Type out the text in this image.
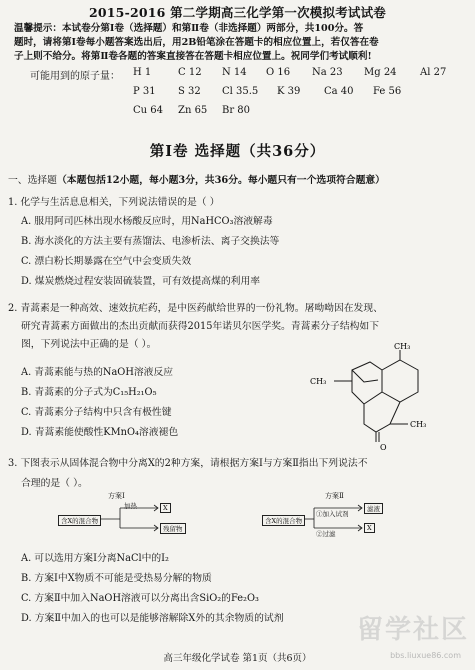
2015-2016 第二学期高三化学第一次模拟考试试卷
温馨提示：本试卷分第Ⅰ卷（选择题）和第Ⅱ卷（非选择题）两部分，共100分。答
题时，请将第Ⅰ卷每小题答案选出后，用2B铅笔涂在答题卡的相应位置上，若仅答在卷
子上则不给分。将第Ⅱ卷各题的答案直接答在答题卡相应位置上。祝同学们考试顺利!
可能用到的原子量： H 1	C 12 N 14 O 16 Na 23 Mg 24 Al 27
P 31 S 32 Cl 35.5 K 39 Ca 40 Fe 56
Cu 64 Zn 65 Br 80
第Ⅰ卷 选择题（共36分）
一、选择题（本题包括12小题，每小题3分，共36分。每小题只有一个选项符合题意）
1. 化学与生活息息相关，下列说法错误的是（ ）
A. 服用阿司匹林出现水杨酸反应时，用NaHCO₃溶液解毒
B. 海水淡化的方法主要有蒸馏法、电渗析法、离子交换法等
C. 漂白粉长期暴露在空气中会变质失效
D. 煤炭燃烧过程安装固硫装置，可有效提高煤的利用率
2. 青蒿素是一种高效、速效抗疟药，是中医药献给世界的一份礼物。屠呦呦因在发现、
研究青蒿素方面做出的杰出贡献而获得2015年诺贝尔医学奖。青蒿素分子结构如下
图，下列说法中正确的是（ ）。
A. 青蒿素能与热的NaOH溶液反应
B. 青蒿素的分子式为C₁₅H₂₁O₅
C. 青蒿素分子结构中只含有极性键
D. 青蒿素能使酸性KMnO₄溶液褪色
CH₃
CH₃
CH₃
O
3. 下图表示从固体混合物中分离X的2种方案，请根据方案Ⅰ与方案Ⅱ指出下列说法不
合理的是（ ）。
方案Ⅰ
含X的混合物
加热	X
残留物
方案Ⅱ
含X的混合物
①加入试剂
②过滤
滤液
X
A. 可以选用方案Ⅰ分离NaCl中的I₂
B. 方案Ⅰ中X物质不可能是受热易分解的物质
C. 方案Ⅱ中加入NaOH溶液可以分离出含SiO₂的Fe₂O₃
D. 方案Ⅱ中加入的也可以是能够溶解除X外的其余物质的试剂
高三年级化学试卷 第1页（共6页）
留学社区
bbs.liuxue86.com
